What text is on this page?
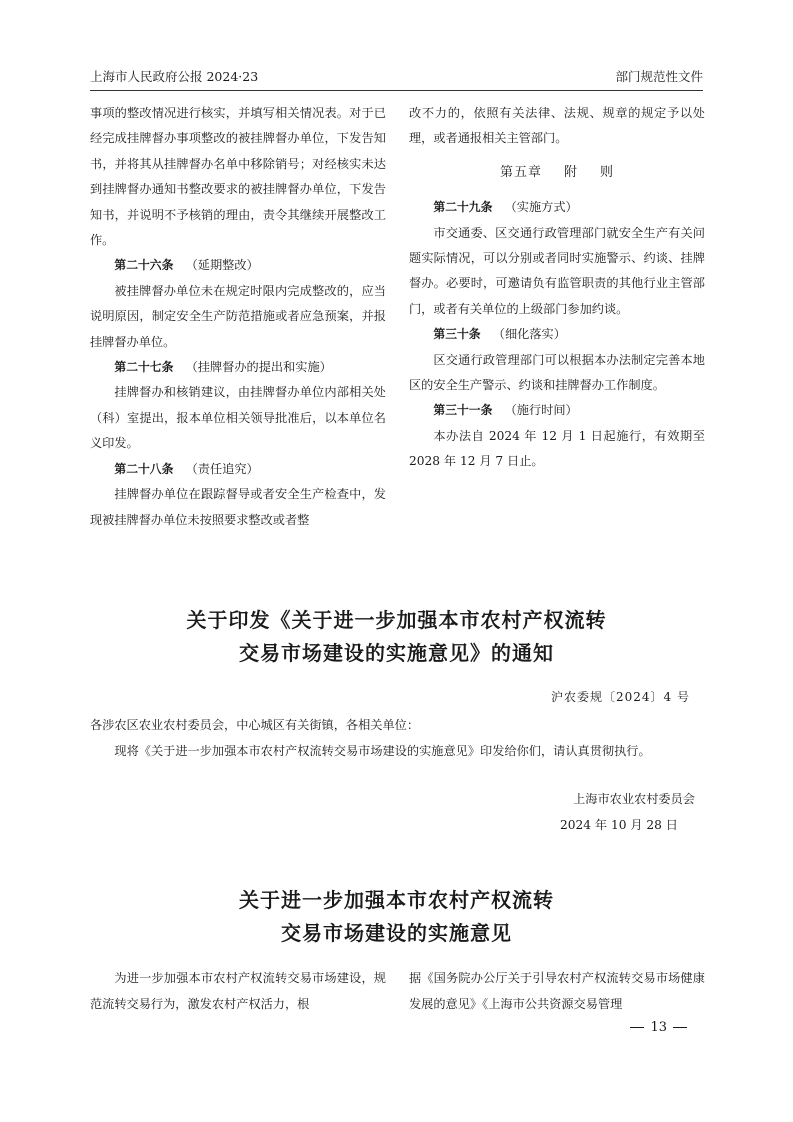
上海市人民政府公报 2024·23	部门规范性文件

事项的整改情况进行核实，并填写相关情况表。对于已经完成挂牌督办事项整改的被挂牌督办单位，下发告知书，并将其从挂牌督办名单中移除销号；对经核实未达到挂牌督办通知书整改要求的被挂牌督办单位，下发告知书，并说明不予核销的理由，责令其继续开展整改工作。

第二十六条 （延期整改）

被挂牌督办单位未在规定时限内完成整改的，应当说明原因，制定安全生产防范措施或者应急预案，并报挂牌督办单位。

第二十七条 （挂牌督办的提出和实施）

挂牌督办和核销建议，由挂牌督办单位内部相关处（科）室提出，报本单位相关领导批准后，以本单位名义印发。

第二十八条 （责任追究）

挂牌督办单位在跟踪督导或者安全生产检查中，发现被挂牌督办单位未按照要求整改或者整

改不力的，依照有关法律、法规、规章的规定予以处理，或者通报相关主管部门。

第五章 附 则

第二十九条 （实施方式）

市交通委、区交通行政管理部门就安全生产有关问题实际情况，可以分别或者同时实施警示、约谈、挂牌督办。必要时，可邀请负有监管职责的其他行业主管部门，或者有关单位的上级部门参加约谈。

第三十条 （细化落实）

区交通行政管理部门可以根据本办法制定完善本地区的安全生产警示、约谈和挂牌督办工作制度。

第三十一条 （施行时间）

本办法自 2024 年 12 月 1 日起施行，有效期至 2028 年 12 月 7 日止。

关于印发《关于进一步加强本市农村产权流转
交易市场建设的实施意见》的通知
沪农委规〔2024〕4 号
各涉农区农业农村委员会，中心城区有关街镇，各相关单位：
现将《关于进一步加强本市农村产权流转交易市场建设的实施意见》印发给你们，请认真贯彻执行。
上海市农业农村委员会
2024 年 10 月 28 日
关于进一步加强本市农村产权流转
交易市场建设的实施意见
为进一步加强本市农村产权流转交易市场建设，规范流转交易行为，激发农村产权活力，根
据《国务院办公厅关于引导农村产权流转交易市场健康发展的意见》《上海市公共资源交易管理
13
